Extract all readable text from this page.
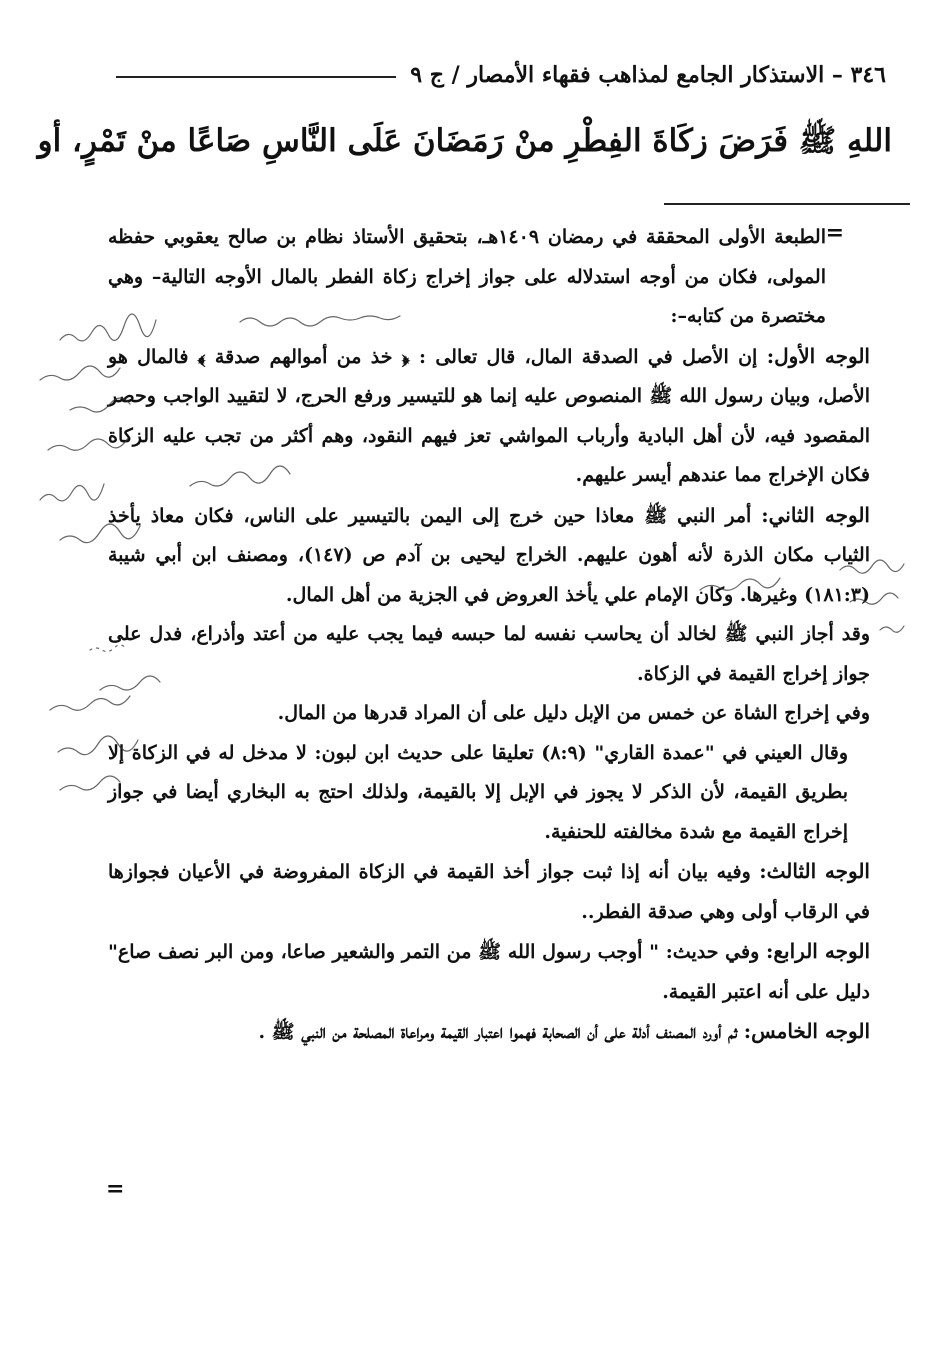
٣٤٦ – الاستذكار الجامع لمذاهب فقهاء الأمصار / ج ٩
اللهِ ﷺ فَرَضَ زكَاةَ الفِطْرِ منْ رَمَضَانَ عَلَى النَّاسِ صَاعًا منْ تَمْرٍ، أو
=

الطبعة الأولى المحققة في رمضان ١٤٠٩هـ، بتحقيق الأستاذ نظام بن صالح يعقوبي حفظه المولى، فكان من أوجه استدلاله على جواز إخراج زكاة الفطر بالمال الأوجه التالية– وهي مختصرة من كتابه–:

الوجه الأول: إن الأصل في الصدقة المال، قال تعالى : ﴿ خذ من أموالهم صدقة ﴾ فالمال هو الأصل، وبيان رسول الله ﷺ المنصوص عليه إنما هو للتيسير ورفع الحرج، لا لتقييد الواجب وحصر المقصود فيه، لأن أهل البادية وأرباب المواشي تعز فيهم النقود، وهم أكثر من تجب عليه الزكاة فكان الإخراج مما عندهم أيسر عليهم.

الوجه الثاني: أمر النبي ﷺ معاذا حين خرج إلى اليمن بالتيسير على الناس، فكان معاذ يأخذ الثياب مكان الذرة لأنه أهون عليهم. الخراج ليحيى بن آدم ص (١٤٧)، ومصنف ابن أبي شيبة (١٨١:٣) وغيرها. وكان الإمام علي يأخذ العروض في الجزية من أهل المال.

وقد أجاز النبي ﷺ لخالد أن يحاسب نفسه لما حبسه فيما يجب عليه من أعتد وأذراع، فدل على جواز إخراج القيمة في الزكاة.

وفي إخراج الشاة عن خمس من الإبل دليل على أن المراد قدرها من المال.

وقال العيني في "عمدة القاري" (٨:٩) تعليقا على حديث ابن لبون: لا مدخل له في الزكاة إلا بطريق القيمة، لأن الذكر لا يجوز في الإبل إلا بالقيمة، ولذلك احتج به البخاري أيضا في جواز إخراج القيمة مع شدة مخالفته للحنفية.

الوجه الثالث: وفيه بيان أنه إذا ثبت جواز أخذ القيمة في الزكاة المفروضة في الأعيان فجوازها في الرقاب أولى وهي صدقة الفطر..

الوجه الرابع: وفي حديث: " أوجب رسول الله ﷺ من التمر والشعير صاعا، ومن البر نصف صاع" دليل على أنه اعتبر القيمة.

الوجه الخامس: ثم أورد المصنف أدلة على أن الصحابة فهموا اعتبار القيمة ومراعاة المصلحة من النبي ﷺ .

=
